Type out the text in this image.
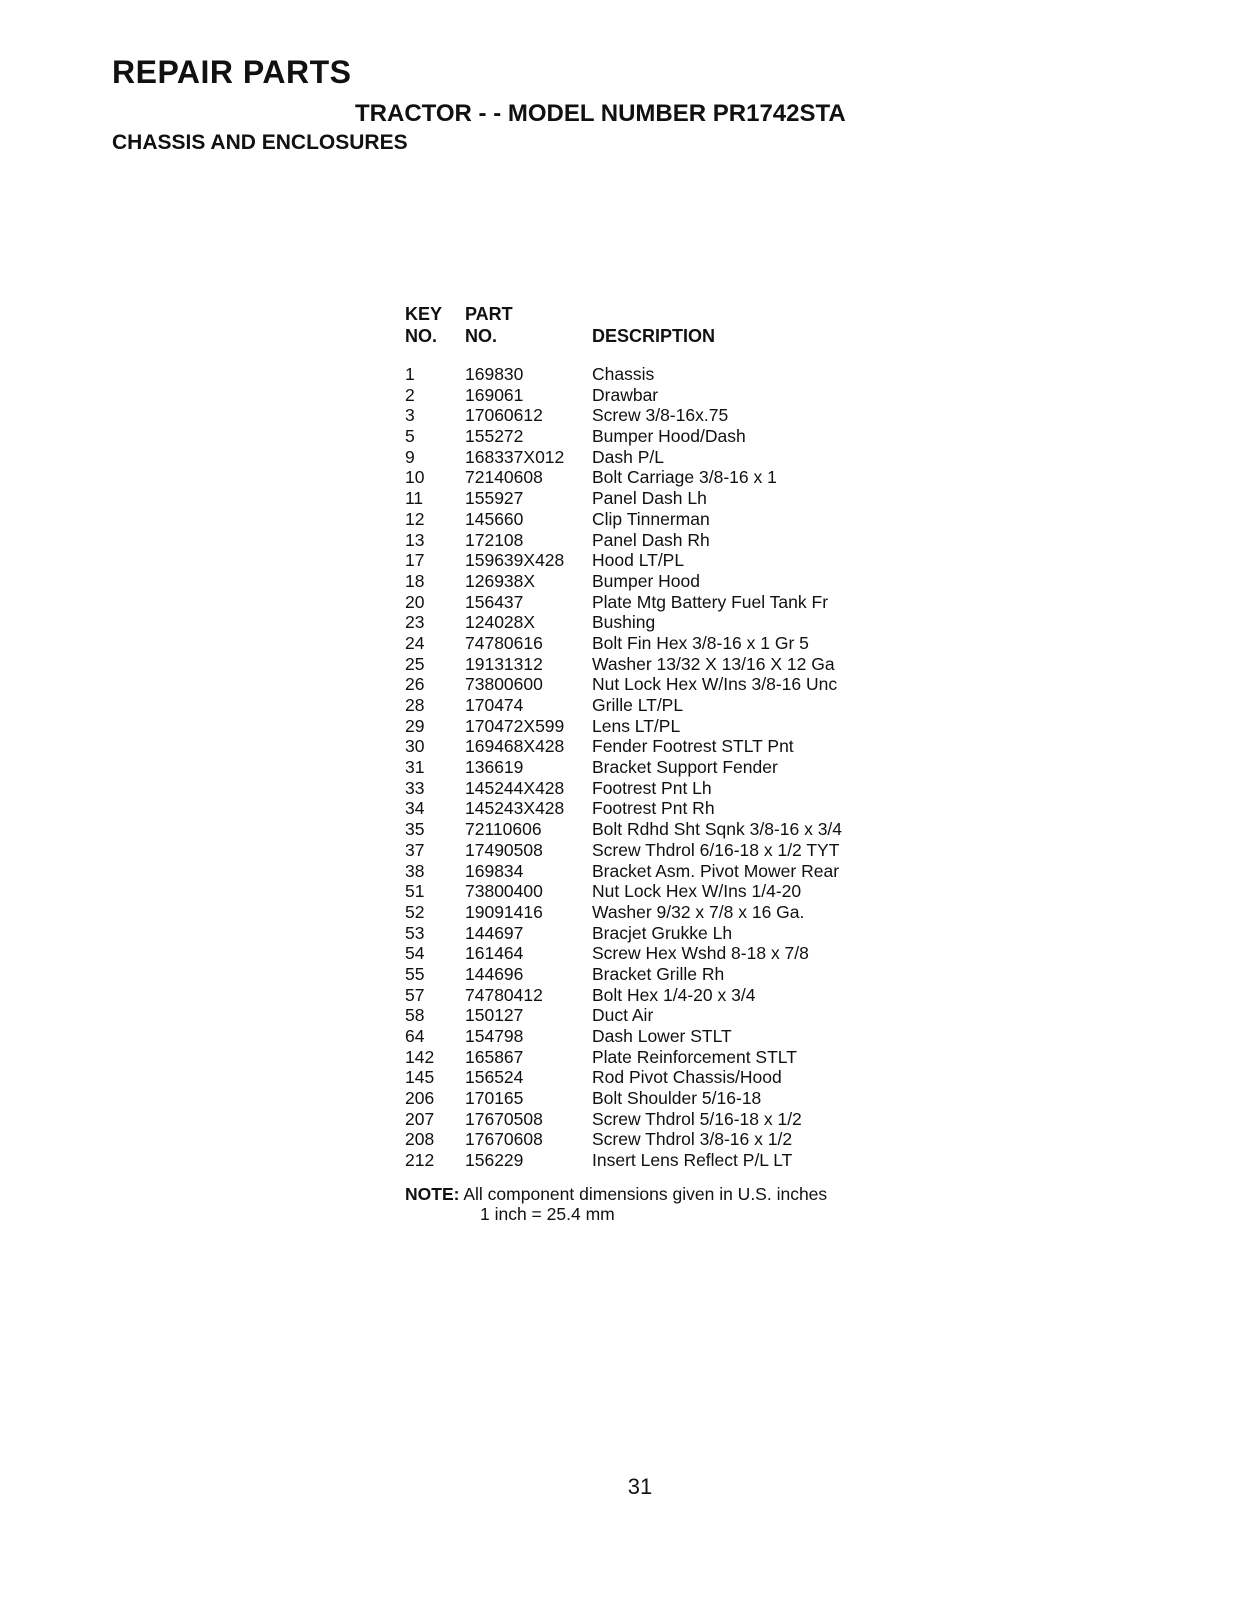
REPAIR PARTS
TRACTOR - - MODEL NUMBER PR1742STA
CHASSIS AND ENCLOSURES
KEY PART
NO. NO.	DESCRIPTION
1	169830	Chassis
2	169061	Drawbar
3	17060612	Screw 3/8-16x.75
5	155272	Bumper Hood/Dash
9	168337X012 Dash P/L
10 72140608	Bolt Carriage 3/8-16 x 1
11 155927	Panel Dash Lh
12 145660	Clip Tinnerman
13 172108	Panel Dash Rh
17 159639X428 Hood LT/PL
18 126938X	Bumper Hood
20 156437	Plate Mtg Battery Fuel Tank Fr
23 124028X	Bushing
24 74780616	Bolt Fin Hex 3/8-16 x 1 Gr 5
25 19131312	Washer 13/32 X 13/16 X 12 Ga
26 73800600	Nut Lock Hex W/Ins 3/8-16 Unc
28 170474	Grille LT/PL
29 170472X599 Lens LT/PL
30 169468X428 Fender Footrest STLT Pnt
31 136619	Bracket Support Fender
33 145244X428 Footrest Pnt Lh
34 145243X428 Footrest Pnt Rh
35 72110606	Bolt Rdhd Sht Sqnk 3/8-16 x 3/4
37 17490508	Screw Thdrol 6/16-18 x 1/2 TYT
38 169834	Bracket Asm. Pivot Mower Rear
51 73800400	Nut Lock Hex W/Ins 1/4-20
52 19091416	Washer 9/32 x 7/8 x 16 Ga.
53 144697	Bracjet Grukke Lh
54 161464	Screw Hex Wshd 8-18 x 7/8
55 144696	Bracket Grille Rh
57 74780412	Bolt Hex 1/4-20 x 3/4
58 150127	Duct Air
64 154798	Dash Lower STLT
142 165867	Plate Reinforcement STLT
145 156524	Rod Pivot Chassis/Hood
206 170165	Bolt Shoulder 5/16-18
207 17670508	Screw Thdrol 5/16-18 x 1/2
208 17670608	Screw Thdrol 3/8-16 x 1/2
212 156229	Insert Lens Reflect P/L LT
NOTE: All component dimensions given in U.S. inches
1 inch = 25.4 mm
31
